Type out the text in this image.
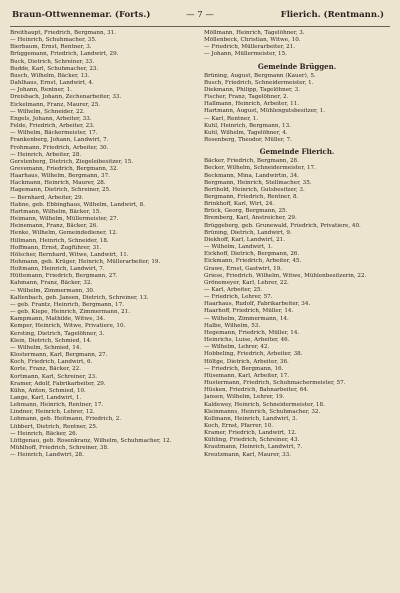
Braun-Ottwennemar. (Forts.)	— 7 —	Flierich. (Rentmann.)
Breithaupt, Friedrich, Bergmann, 31.
— Heinrich, Schuhmacher, 35.
Bierbaum, Ernst, Rentner, 3.
Brüggemann, Friedrich, Landwirt, 29.
Buck, Dietrich, Schreiner, 33.
Budde, Karl, Schuhmacher, 23.
Busch, Wilhelm, Bäcker, 13.
Dahlhaus, Ernst, Landwirt, 4.
— Johann, Rentner, 1.
Dreisbach, Johann, Zechenarbeiter, 33.
Eickelmann, Franz, Maurer, 25.
— Wilhelm, Schneider, 22.
Engels, Johann, Arbeiter, 33.
Felde, Friedrich, Arbeiter, 23.
— Wilhelm, Bäckermeister, 17.
Frankenberg, Johann, Landwirt, 7.
Frohmann, Friedrich, Arbeiter, 30.
— Heinrich, Arbeiter, 28.
Gerstenberg, Dietrich, Ziegeleibesitzer, 15.
Grevemann, Friedrich, Bergmann, 32.
Haarhaus, Wilhelm, Bergmann, 37.
Hackmann, Heinrich, Maurer, 28.
Hagemann, Dietrich, Schreiner, 25.
— Bernhard, Arbeiter, 29.
Hahne, geb. Ebbinghaus, Wilhelm, Landwirt, 8.
Hartmann, Wilhelm, Bäcker, 15.
Heimann, Wilhelm, Müllermeister, 27.
Heinemann, Franz, Bäcker, 26.
Henke, Wilhelm, Gemeindediener, 12.
Hillmann, Heinrich, Schneider, 18.
Hoffmann, Ernst, Zugführer, 31.
Hölscher, Bernhard, Witwe, Landwirt, 11.
Hohmann, geb. Krüger, Heinrich, Müllerarbeiter, 19.
Holtmann, Heinrich, Landwirt, 7.
Hüttemann, Friedrich, Bergmann, 27.
Kahmann, Franz, Bäcker, 32.
— Wilhelm, Zimmermann, 30.
Kaltenbach, geb. Jansen, Dietrich, Schreiner, 13.
— geb. Frantz, Heinrich, Bergmann, 17.
— geb. Kiepe, Heinrich, Zimmermann, 21.
Kampmann, Mathilde, Witwe, 34.
Kemper, Heinrich, Witwe, Privatiere, 10.
Kersting, Dietrich, Tagelöhner, 3.
Klein, Dietrich, Schmied, 14.
— Wilhelm, Schmied, 14.
Klostermann, Karl, Bergmann, 27.
Koch, Friedrich, Landwirt, 6.
Korte, Franz, Bäcker, 22.
Kortmann, Karl, Schreiner, 23.
Kramer, Adolf, Fabrikarbeiter, 29.
Kühn, Anton, Schmied, 10.
Lange, Karl, Landwirt, 1.
Lehmann, Heinrich, Rentner, 17.
Lindner, Heinrich, Lehrer, 12.
Lohmann, geb. Heitmann, Friedrich, 2.
Lübbert, Dietrich, Rentner, 25.
— Heinrich, Bäcker, 26.
Lüttgenau, geb. Rosenkranz, Wilhelm, Schuhmacher, 12.
Mühlhoff, Friedrich, Schreiner, 38.
— Heinrich, Landwirt, 28.
Möllmann, Heinrich, Tagelöhner, 3.
Möllenbeck, Christian, Witwe, 10.
— Friedrich, Müllerarbeiter, 21.
— Johann, Müllermeister, 15.
Gemeinde Brüggen.
Brüning, August, Bergmann (Kauer), 5.
Busch, Friedrich, Schneidermeister, 1.
Diekmann, Philipp, Tagelöhner, 3.
Fischer, Franz, Tagelöhner, 2.
Hallmann, Heinrich, Arbeiter, 11.
Hartmann, August, Mühlengutsbesitzer, 1.
— Karl, Rentner, 1.
Kuhl, Heinrich, Bergmann, 13.
Kuhl, Wilhelm, Tagelöhner, 4.
Rosenberg, Theodor, Müller, 7.
Gemeinde Flierich.
Bäcker, Friedrich, Bergmann, 28.
Becker, Wilhelm, Schneidermeister, 17.
Beckmann, Mina, Landwirtin, 34.
Bergmann, Heinrich, Stellmacher, 35.
Berthold, Heinrich, Gutsbesitzer, 3.
Bergmann, Friedrich, Rentner, 8.
Brinkhoff, Karl, Wirt, 24.
Brück, Georg, Bergmann, 25.
Bremberg, Karl, Anstreicher, 29.
Brüggeberg, geb. Grunewald, Friedrich, Privatiere, 40.
Brüning, Dietrich, Landwirt, 9.
Diekhoff, Karl, Landwirt, 21.
— Wilhelm, Landwirt, 1.
Eickhoff, Dietrich, Bergmann, 26.
Eickmann, Friedrich, Arbeiter, 45.
Grawe, Ernst, Gastwirt, 19.
Griese, Friedrich, Wilhelm, Witwe, Mühlenbesitzerin, 22.
Grönemeyer, Karl, Lehrer, 22.
— Karl, Arbeiter, 25.
— Friedrich, Lehrer, 57.
Haarhaus, Rudolf, Fabrikarbeiter, 34.
Haarhoff, Friedrich, Müller, 14.
— Wilhelm, Zimmermann, 14.
Halbe, Wilhelm, 53.
Hegemann, Friedrich, Müller, 14.
Heinrichs, Luise, Arbeiter, 46.
— Wilhelm, Lehrer, 42.
Hobbeling, Friedrich, Arbeiter, 38.
Höltge, Dietrich, Arbeiter, 36.
— Friedrich, Bergmann, 16.
Hüsemann, Karl, Arbeiter, 17.
Hustermann, Friedrich, Schuhmachermeister, 57.
Hüsken, Friedrich, Bahnarbeiter, 64.
Jansen, Wilhelm, Lehrer, 19.
Kaldewey, Heinrich, Schneidermeister, 18.
Kleinmanns, Heinrich, Schuhmacher, 32.
Kollmann, Heinrich, Landwirt, 3.
Koch, Ernst, Pfarrer, 10.
Kramer, Friedrich, Landwirt, 12.
Kühling, Friedrich, Schreiner, 43.
Krautmann, Heinrich, Landwirt, 7.
Kreutzmann, Karl, Maurer, 33.
